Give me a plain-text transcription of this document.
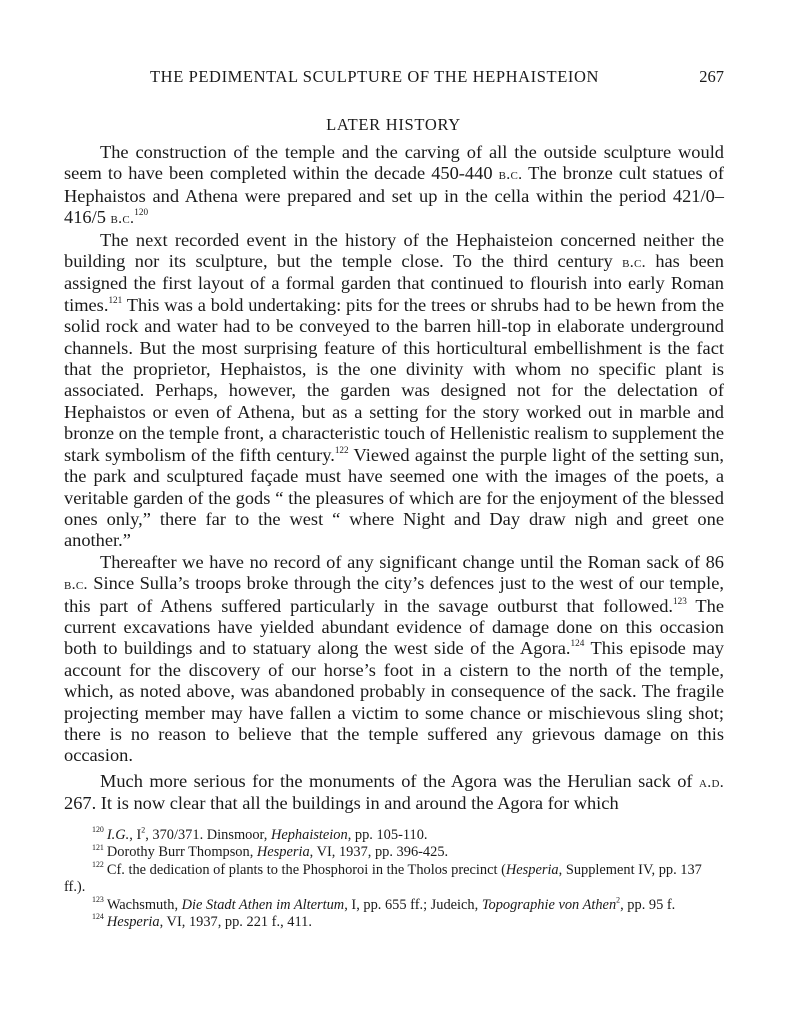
THE PEDIMENTAL SCULPTURE OF THE HEPHAISTEION	267
LATER HISTORY

The construction of the temple and the carving of all the outside sculpture would seem to have been completed within the decade 450-440 b.c. The bronze cult statues of Hephaistos and Athena were prepared and set up in the cella within the period 421/0–416/5 b.c.$^{120}$

The next recorded event in the history of the Hephaisteion concerned neither the building nor its sculpture, but the temple close. To the third century b.c. has been assigned the first layout of a formal garden that continued to flourish into early Roman times.$^{121}$ This was a bold undertaking: pits for the trees or shrubs had to be hewn from the solid rock and water had to be conveyed to the barren hill-top in elaborate underground channels. But the most surprising feature of this horticultural embellishment is the fact that the proprietor, Hephaistos, is the one divinity with whom no specific plant is associated. Perhaps, however, the garden was designed not for the delectation of Hephaistos or even of Athena, but as a setting for the story worked out in marble and bronze on the temple front, a characteristic touch of Hellenistic realism to supplement the stark symbolism of the fifth century.$^{122}$ Viewed against the purple light of the setting sun, the park and sculptured façade must have seemed one with the images of the poets, a veritable garden of the gods “ the pleasures of which are for the enjoyment of the blessed ones only,” there far to the west “ where Night and Day draw nigh and greet one another.”

Thereafter we have no record of any significant change until the Roman sack of 86 b.c. Since Sulla’s troops broke through the city’s defences just to the west of our temple, this part of Athens suffered particularly in the savage outburst that followed.$^{123}$ The current excavations have yielded abundant evidence of damage done on this occasion both to buildings and to statuary along the west side of the Agora.$^{124}$ This episode may account for the discovery of our horse’s foot in a cistern to the north of the temple, which, as noted above, was abandoned probably in consequence of the sack. The fragile projecting member may have fallen a victim to some chance or mischievous sling shot; there is no reason to believe that the temple suffered any grievous damage on this occasion.

Much more serious for the monuments of the Agora was the Herulian sack of a.d. 267. It is now clear that all the buildings in and around the Agora for which

$^{120}$ I.G., $I^2$, 370/371. Dinsmoor, Hephaisteion, pp. 105-110.

$^{121}$ Dorothy Burr Thompson, Hesperia, VI, 1937, pp. 396-425.

$^{122}$ Cf. the dedication of plants to the Phosphoroi in the Tholos precinct (Hesperia, Supplement IV, pp. 137 ff.).

$^{123}$ Wachsmuth, Die Stadt Athen im Altertum, I, pp. 655 ff.; Judeich, Topographie von Athen$^2$, pp. 95 f.

$^{124}$ Hesperia, VI, 1937, pp. 221 f., 411.
